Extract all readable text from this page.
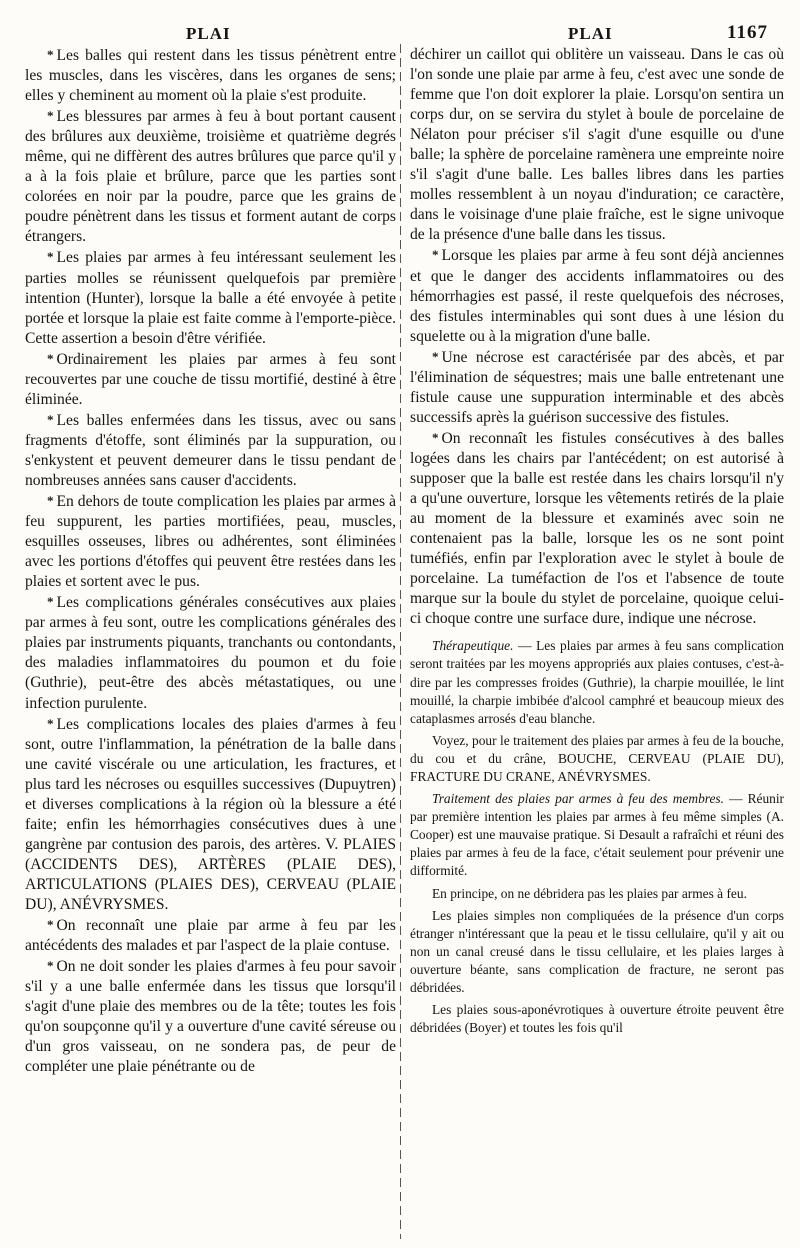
PLAI	PLAI	1167

* Les balles qui restent dans les tissus pénètrent entre les muscles, dans les viscères, dans les organes de sens; elles y cheminent au moment où la plaie s'est produite.

* Les blessures par armes à feu à bout portant causent des brûlures aux deuxième, troisième et quatrième degrés même, qui ne diffèrent des autres brûlures que parce qu'il y a à la fois plaie et brûlure, parce que les parties sont colorées en noir par la poudre, parce que les grains de poudre pénètrent dans les tissus et forment autant de corps étrangers.

* Les plaies par armes à feu intéressant seulement les parties molles se réunissent quelquefois par première intention (Hunter), lorsque la balle a été envoyée à petite portée et lorsque la plaie est faite comme à l'emporte-pièce. Cette assertion a besoin d'être vérifiée.

* Ordinairement les plaies par armes à feu sont recouvertes par une couche de tissu mortifié, destiné à être éliminée.

* Les balles enfermées dans les tissus, avec ou sans fragments d'étoffe, sont éliminés par la suppuration, ou s'enkystent et peuvent demeurer dans le tissu pendant de nombreuses années sans causer d'accidents.

* En dehors de toute complication les plaies par armes à feu suppurent, les parties mortifiées, peau, muscles, esquilles osseuses, libres ou adhérentes, sont éliminées avec les portions d'étoffes qui peuvent être restées dans les plaies et sortent avec le pus.

* Les complications générales consécutives aux plaies par armes à feu sont, outre les complications générales des plaies par instruments piquants, tranchants ou contondants, des maladies inflammatoires du poumon et du foie (Guthrie), peut-être des abcès métastatiques, ou une infection purulente.

* Les complications locales des plaies d'armes à feu sont, outre l'inflammation, la pénétration de la balle dans une cavité viscérale ou une articulation, les fractures, et plus tard les nécroses ou esquilles successives (Dupuytren) et diverses complications à la région où la blessure a été faite; enfin les hémorrhagies consécutives dues à une gangrène par contusion des parois, des artères. V. PLAIES (ACCIDENTS DES), ARTÈRES (PLAIE DES), ARTICULATIONS (PLAIES DES), CERVEAU (PLAIE DU), ANÉVRYSMES.

* On reconnaît une plaie par arme à feu par les antécédents des malades et par l'aspect de la plaie contuse.

* On ne doit sonder les plaies d'armes à feu pour savoir s'il y a une balle enfermée dans les tissus que lorsqu'il s'agit d'une plaie des membres ou de la tête; toutes les fois qu'on soupçonne qu'il y a ouverture d'une cavité séreuse ou d'un gros vaisseau, on ne sondera pas, de peur de compléter une plaie pénétrante ou de

déchirer un caillot qui oblitère un vaisseau. Dans le cas où l'on sonde une plaie par arme à feu, c'est avec une sonde de femme que l'on doit explorer la plaie. Lorsqu'on sentira un corps dur, on se servira du stylet à boule de porcelaine de Nélaton pour préciser s'il s'agit d'une esquille ou d'une balle; la sphère de porcelaine ramènera une empreinte noire s'il s'agit d'une balle. Les balles libres dans les parties molles ressemblent à un noyau d'induration; ce caractère, dans le voisinage d'une plaie fraîche, est le signe univoque de la présence d'une balle dans les tissus.

* Lorsque les plaies par arme à feu sont déjà anciennes et que le danger des accidents inflammatoires ou des hémorrhagies est passé, il reste quelquefois des nécroses, des fistules interminables qui sont dues à une lésion du squelette ou à la migration d'une balle.

* Une nécrose est caractérisée par des abcès, et par l'élimination de séquestres; mais une balle entretenant une fistule cause une suppuration interminable et des abcès successifs après la guérison successive des fistules.

* On reconnaît les fistules consécutives à des balles logées dans les chairs par l'antécédent; on est autorisé à supposer que la balle est restée dans les chairs lorsqu'il n'y a qu'une ouverture, lorsque les vêtements retirés de la plaie au moment de la blessure et examinés avec soin ne contenaient pas la balle, lorsque les os ne sont point tuméfiés, enfin par l'exploration avec le stylet à boule de porcelaine. La tuméfaction de l'os et l'absence de toute marque sur la boule du stylet de porcelaine, quoique celui-ci choque contre une surface dure, indique une nécrose.

Thérapeutique. — Les plaies par armes à feu sans complication seront traitées par les moyens appropriés aux plaies contuses, c'est-à-dire par les compresses froides (Guthrie), la charpie mouillée, le lint mouillé, la charpie imbibée d'alcool camphré et beaucoup mieux des cataplasmes arrosés d'eau blanche.

Voyez, pour le traitement des plaies par armes à feu de la bouche, du cou et du crâne, BOUCHE, CERVEAU (PLAIE DU), FRACTURE DU CRANE, ANÉVRYSMES.

Traitement des plaies par armes à feu des membres. — Réunir par première intention les plaies par armes à feu même simples (A. Cooper) est une mauvaise pratique. Si Desault a rafraîchi et réuni des plaies par armes à feu de la face, c'était seulement pour prévenir une difformité.

En principe, on ne débridera pas les plaies par armes à feu.

Les plaies simples non compliquées de la présence d'un corps étranger n'intéressant que la peau et le tissu cellulaire, qu'il y ait ou non un canal creusé dans le tissu cellulaire, et les plaies larges à ouverture béante, sans complication de fracture, ne seront pas débridées.

Les plaies sous-aponévrotiques à ouverture étroite peuvent être débridées (Boyer) et toutes les fois qu'il
